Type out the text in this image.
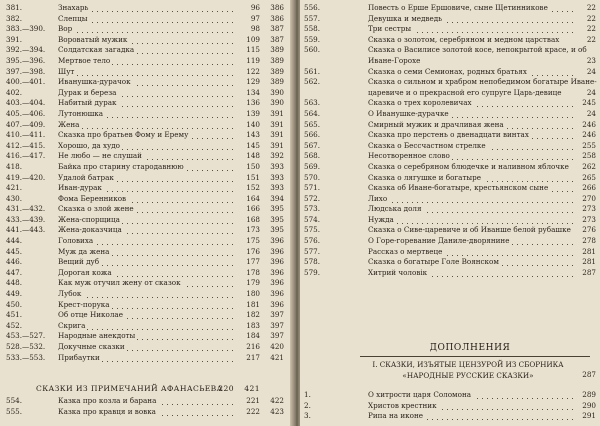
381.	Знахарь	96	386
382.	Слепцы	97	386
383.—390.	Вор	98	387
391.	Вороватый мужик	109	387
392.—394.	Солдатская загадка	115	389
395.—396.	Мертвое тело	119	389
397.—398.	Шут	122	389
400.—401.	Иванушка-дурачок	129	389
402.	Дурак и береза	134	390
403.—404.	Набитый дурак	136	390
405.—406.	Лутонюшка	139	391
407.—409.	Жена	140	391
410.—411.	Сказка про братьев Фому и Ерему	143	391
412.—415.	Хорошо, да худо	145	391
416.—417.	Не любо — не слушай	148	392
418.	Байка про старину стародавнюю	150	393
419.—420.	Удалой батрак	151	393
421.	Иван-дурак	152	393
430.	Фома Беренников	164	394
431.—432.	Сказка о злой жене	166	395
433.—439.	Жена-спорщица	168	395
441.—443.	Жена-доказчица	173	395
444.	Головиха	175	396
445.	Муж да жена	176	396
446.	Вещий дуб	177	396
447.	Дорогая кожа	178	396
448.	Как муж отучил жену от сказок	179	396
449.	Лубок	180	396
450.	Крест-порука	181	396
451.	Об отце Николае	182	397
452.	Скрига	183	397
453.—527.	Народные анекдоты	184	397
528.—532.	Докучные сказки	216	420
533.—553.	Прибаутки	217	421
СКАЗКИ ИЗ ПРИМЕЧАНИЙ АФАНАСЬЕВА
220	421
554.	Казка про козла и барана	221	422
555.	Казка про кравця и вовка	222	423
556.	Повесть о Ерше Ершовиче, сыне Щетинникове	22
557.	Девушка и медведь	22
558.	Три сестры	22
559.	Сказка о золотом, серебряном и медном царствах	22
560.	Сказка о Василисе золотой косе, непокрытой красе, и об Иване-Горохе	23
561.	Сказка о семи Семионах, родных братьях	24
562.	Сказка о сильном и храбром непобедимом богатыре Иване-царевиче и о прекрасной его супруге Царь-девице	24
563.	Сказка о трех королевичах	245
564.	О Иванушке-дурачке	24
565.	Смирный мужик и драчливая жена	246
566.	Сказка про перстень о двенадцати винтах	246
567.	Сказка о Бессчастном стрелке	255
568.	Несотворенное слово	258
569.	Сказка о серебряном блюдечке и наливном яблочке	262
570.	Сказка о лягушке и богатыре	265
571.	Сказка об Иване-богатыре, крестьянском сыне	266
572.	Лихо	270
573.	Людська доля	273
574.	Нужда	273
575.	Сказка о Сиве-царевиче и об Иванше белой рубашке	276
576.	О Горе-горевание Даниле-дворянине	278
577.	Рассказ о мертвеце	281
578.	Сказка о богатыре Голе Воянском	281
579.	Хитрий чоловiк	287
ДОПОЛНЕНИЯ
I. СКАЗКИ, ИЗЪЯТЫЕ ЦЕНЗУРОЙ ИЗ СБОРНИКА «НАРОДНЫЕ РУССКИЕ СКАЗКИ»	287
1.	О хитрости царя Соломона	289
2.	Христов крестник	290
3.	Рипа на иконе	291
